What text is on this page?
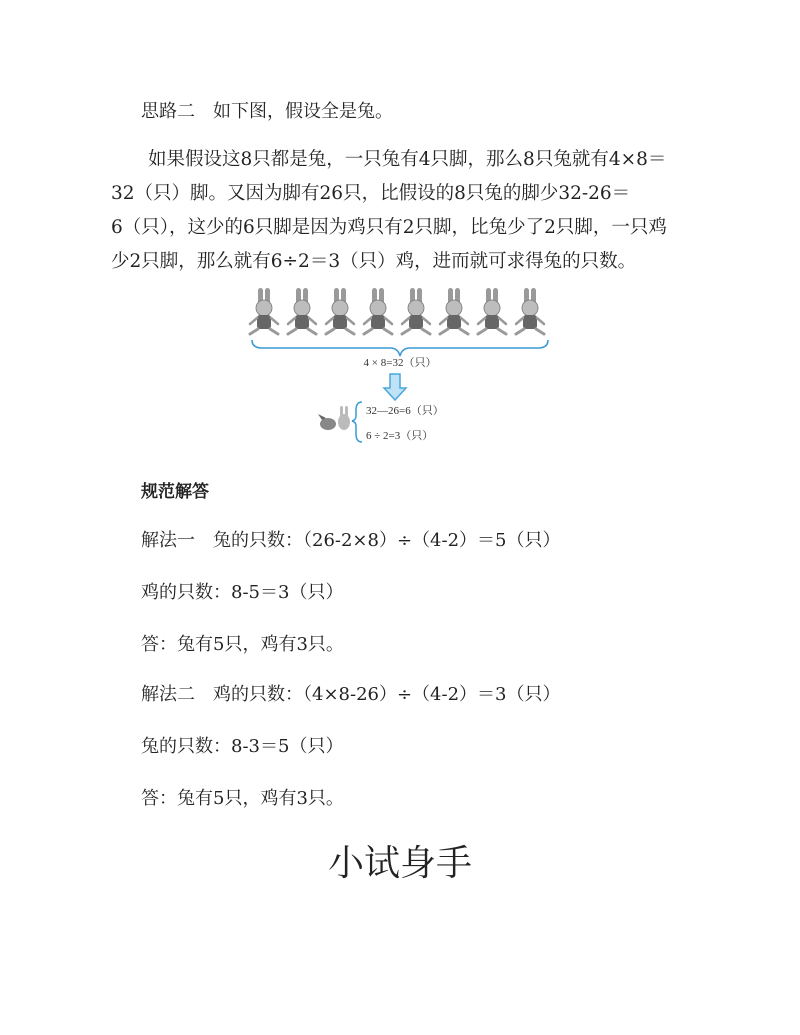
思路二　如下图，假设全是兔。

　　如果假设这8只都是兔，一只兔有4只脚，那么8只兔就有4×8＝

32（只）脚。又因为脚有26只，比假设的8只兔的脚少32-26＝

6（只），这少的6只脚是因为鸡只有2只脚，比兔少了2只脚，一只鸡

少2只脚，那么就有6÷2＝3（只）鸡，进而就可求得兔的只数。

4 × 8=32（只）
32—26=6（只）
6 ÷ 2=3（只）
规范解答
解法一　兔的只数：（26-2×8）÷（4-2）＝5（只）
鸡的只数：8-5＝3（只）
答：兔有5只，鸡有3只。
解法二　鸡的只数：（4×8-26）÷（4-2）＝3（只）
兔的只数：8-3＝5（只）
答：兔有5只，鸡有3只。
小试身手
